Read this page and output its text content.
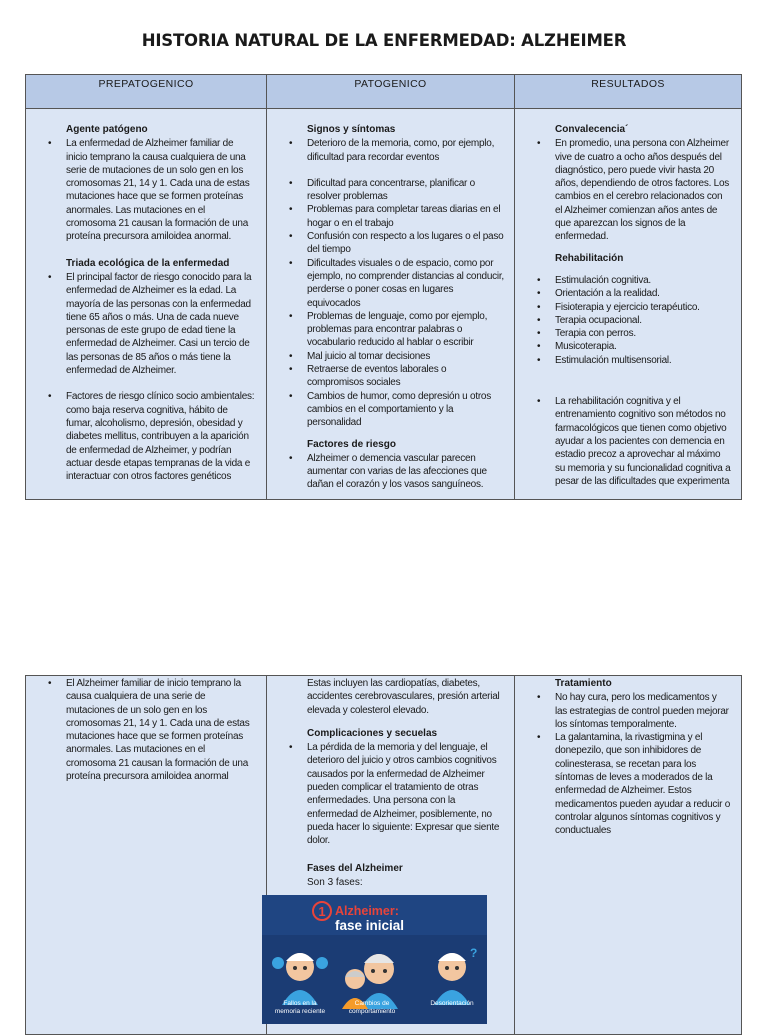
HISTORIA NATURAL DE LA ENFERMEDAD: ALZHEIMER
PREPATOGENICO
Agente patógeno
• La enfermedad de Alzheimer familiar de inicio temprano la causa cualquiera de una serie de mutaciones de un solo gen en los cromosomas 21, 14 y 1. Cada una de estas mutaciones hace que se formen proteínas anormales. Las mutaciones en el cromosoma 21 causan la formación de una proteína precursora amiloidea anormal.
Triada ecológica de la enfermedad
• El principal factor de riesgo conocido para la enfermedad de Alzheimer es la edad. La mayoría de las personas con la enfermedad tiene 65 años o más. Una de cada nueve personas de este grupo de edad tiene la enfermedad de Alzheimer. Casi un tercio de las personas de 85 años o más tiene la enfermedad de Alzheimer.
• Factores de riesgo clínico socio ambientales: como baja reserva cognitiva, hábito de fumar, alcoholismo, depresión, obesidad y diabetes mellitus, contribuyen a la aparición de enfermedad de Alzheimer, y podrían actuar desde etapas tempranas de la vida e interactuar con otros factores genéticos
PATOGENICO
Signos y síntomas
• Deterioro de la memoria, como, por ejemplo, dificultad para recordar eventos
• Dificultad para concentrarse, planificar o resolver problemas
• Problemas para completar tareas diarias en el hogar o en el trabajo
• Confusión con respecto a los lugares o el paso del tiempo
• Dificultades visuales o de espacio, como por ejemplo, no comprender distancias al conducir, perderse o poner cosas en lugares equivocados
• Problemas de lenguaje, como por ejemplo, problemas para encontrar palabras o vocabulario reducido al hablar o escribir
• Mal juicio al tomar decisiones
• Retraerse de eventos laborales o compromisos sociales
• Cambios de humor, como depresión u otros cambios en el comportamiento y la personalidad
Factores de riesgo
• Alzheimer o demencia vascular parecen aumentar con varias de las afecciones que dañan el corazón y los vasos sanguíneos.
RESULTADOS
Convalecencia´
• En promedio, una persona con Alzheimer vive de cuatro a ocho años después del diagnóstico, pero puede vivir hasta 20 años, dependiendo de otros factores. Los cambios en el cerebro relacionados con el Alzheimer comienzan años antes de que aparezcan los signos de la enfermedad.
Rehabilitación
• Estimulación cognitiva.
• Orientación a la realidad.
• Fisioterapia y ejercicio terapéutico.
• Terapia ocupacional.
• Terapia con perros.
• Musicoterapia.
• Estimulación multisensorial.
• La rehabilitación cognitiva y el entrenamiento cognitivo son métodos no farmacológicos que tienen como objetivo ayudar a los pacientes con demencia en estadio precoz a aprovechar al máximo su memoria y su funcionalidad cognitiva a pesar de las dificultades que experimenta
• El Alzheimer familiar de inicio temprano la causa cualquiera de una serie de mutaciones de un solo gen en los cromosomas 21, 14 y 1. Cada una de estas mutaciones hace que se formen proteínas anormales. Las mutaciones en el cromosoma 21 causan la formación de una proteína precursora amiloidea anormal
Estas incluyen las cardiopatías, diabetes, accidentes cerebrovasculares, presión arterial elevada y colesterol elevado.
Complicaciones y secuelas
• La pérdida de la memoria y del lenguaje, el deterioro del juicio y otros cambios cognitivos causados por la enfermedad de Alzheimer pueden complicar el tratamiento de otras enfermedades. Una persona con la enfermedad de Alzheimer, posiblemente, no pueda hacer lo siguiente: Expresar que siente dolor.
Fases del Alzheimer
Son 3 fases:
Tratamiento
• No hay cura, pero los medicamentos y las estrategias de control pueden mejorar los síntomas temporalmente.
• La galantamina, la rivastigmina y el donepezilo, que son inhibidores de colinesterasa, se recetan para los síntomas de leves a moderados de la enfermedad de Alzheimer. Estos medicamentos pueden ayudar a reducir o controlar algunos síntomas cognitivos y conductuales
1 Alzheimer:
fase inicial
?
Fallos en la
memoria reciente
Cambios de
comportamiento
Desorientación
